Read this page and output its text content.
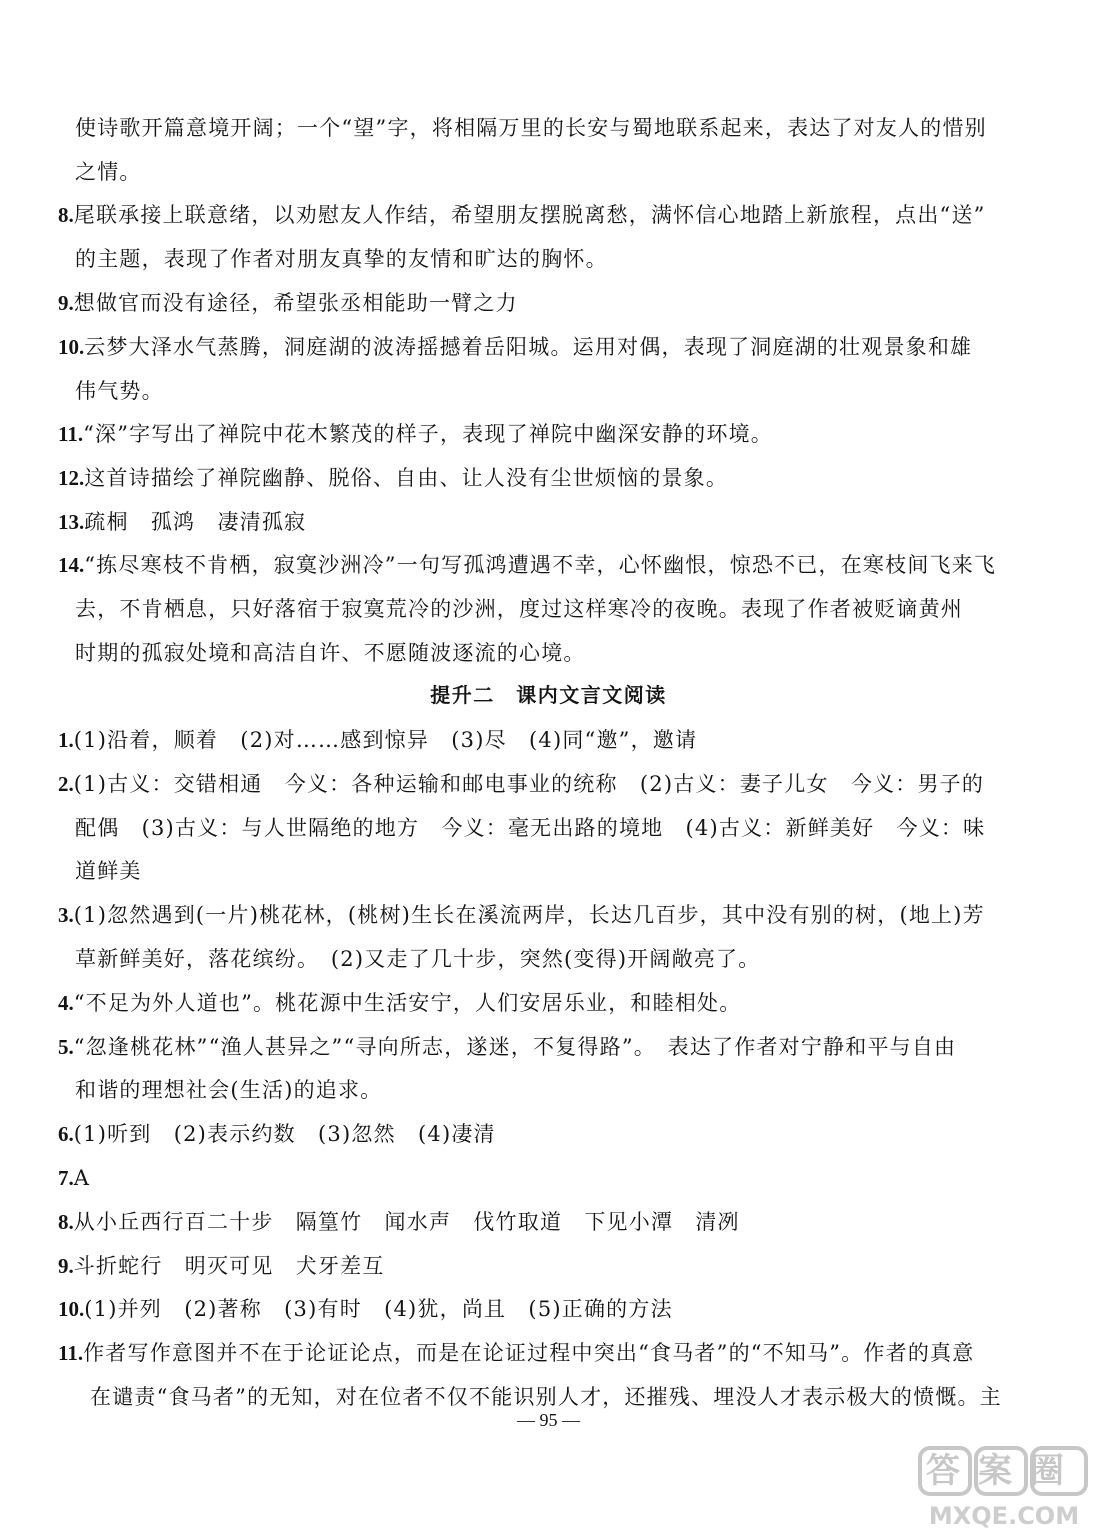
使诗歌开篇意境开阔；一个“望”字，将相隔万里的长安与蜀地联系起来，表达了对友人的惜别
之情。
8.尾联承接上联意绪，以劝慰友人作结，希望朋友摆脱离愁，满怀信心地踏上新旅程，点出“送”
的主题，表现了作者对朋友真挚的友情和旷达的胸怀。
9.想做官而没有途径，希望张丞相能助一臂之力
10.云梦大泽水气蒸腾，洞庭湖的波涛摇撼着岳阳城。运用对偶，表现了洞庭湖的壮观景象和雄
伟气势。
11.“深”字写出了禅院中花木繁茂的样子，表现了禅院中幽深安静的环境。
12.这首诗描绘了禅院幽静、脱俗、自由、让人没有尘世烦恼的景象。
13.疏桐　孤鸿　凄清孤寂
14.“拣尽寒枝不肯栖，寂寞沙洲冷”一句写孤鸿遭遇不幸，心怀幽恨，惊恐不已，在寒枝间飞来飞
去，不肯栖息，只好落宿于寂寞荒冷的沙洲，度过这样寒冷的夜晚。表现了作者被贬谪黄州
时期的孤寂处境和高洁自许、不愿随波逐流的心境。
提升二　课内文言文阅读
1.(1)沿着，顺着　(2)对……感到惊异　(3)尽　(4)同“邀”，邀请
2.(1)古义：交错相通　今义：各种运输和邮电事业的统称　(2)古义：妻子儿女　今义：男子的
配偶　(3)古义：与人世隔绝的地方　今义：毫无出路的境地　(4)古义：新鲜美好　今义：味
道鲜美
3.(1)忽然遇到(一片)桃花林，(桃树)生长在溪流两岸，长达几百步，其中没有别的树，(地上)芳
草新鲜美好，落花缤纷。　(2)又走了几十步，突然(变得)开阔敞亮了。
4.“不足为外人道也”。桃花源中生活安宁，人们安居乐业，和睦相处。
5.“忽逢桃花林”“渔人甚异之”“寻向所志，遂迷，不复得路”。　表达了作者对宁静和平与自由
和谐的理想社会(生活)的追求。
6.(1)听到　(2)表示约数　(3)忽然　(4)凄清
7.A
8.从小丘西行百二十步　隔篁竹　闻水声　伐竹取道　下见小潭　清冽
9.斗折蛇行　明灭可见　犬牙差互
10.(1)并列　(2)著称　(3)有时　(4)犹，尚且　(5)正确的方法
11.作者写作意图并不在于论证论点，而是在论证过程中突出“食马者”的“不知马”。作者的真意
在谴责“食马者”的无知，对在位者不仅不能识别人才，还摧残、埋没人才表示极大的愤慨。主
— 95 —
答案圈
MXQE.COM
